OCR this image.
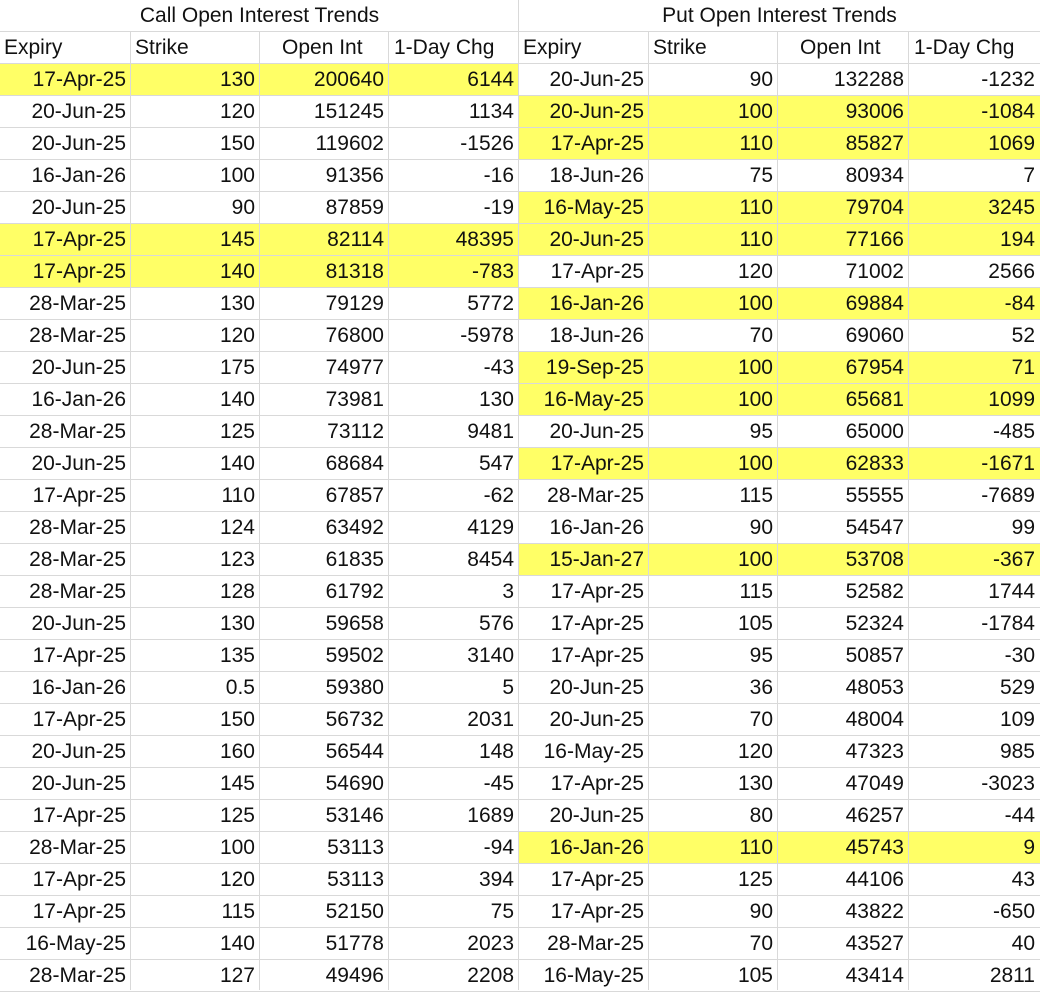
Call Open Interest Trends	Put Open Interest Trends
Expiry	Strike	Open Int	1-Day Chg	Expiry	Strike	Open Int	1-Day Chg
17-Apr-25	130	200640	6144	20-Jun-25	90	132288	-1232
20-Jun-25	120	151245	1134	20-Jun-25	100	93006	-1084
20-Jun-25	150	119602	-1526	17-Apr-25	110	85827	1069
16-Jan-26	100	91356	-16	18-Jun-26	75	80934	7
20-Jun-25	90	87859	-19	16-May-25	110	79704	3245
17-Apr-25	145	82114	48395	20-Jun-25	110	77166	194
17-Apr-25	140	81318	-783	17-Apr-25	120	71002	2566
28-Mar-25	130	79129	5772	16-Jan-26	100	69884	-84
28-Mar-25	120	76800	-5978	18-Jun-26	70	69060	52
20-Jun-25	175	74977	-43	19-Sep-25	100	67954	71
16-Jan-26	140	73981	130	16-May-25	100	65681	1099
28-Mar-25	125	73112	9481	20-Jun-25	95	65000	-485
20-Jun-25	140	68684	547	17-Apr-25	100	62833	-1671
17-Apr-25	110	67857	-62	28-Mar-25	115	55555	-7689
28-Mar-25	124	63492	4129	16-Jan-26	90	54547	99
28-Mar-25	123	61835	8454	15-Jan-27	100	53708	-367
28-Mar-25	128	61792	3	17-Apr-25	115	52582	1744
20-Jun-25	130	59658	576	17-Apr-25	105	52324	-1784
17-Apr-25	135	59502	3140	17-Apr-25	95	50857	-30
16-Jan-26	0.5	59380	5	20-Jun-25	36	48053	529
17-Apr-25	150	56732	2031	20-Jun-25	70	48004	109
20-Jun-25	160	56544	148	16-May-25	120	47323	985
20-Jun-25	145	54690	-45	17-Apr-25	130	47049	-3023
17-Apr-25	125	53146	1689	20-Jun-25	80	46257	-44
28-Mar-25	100	53113	-94	16-Jan-26	110	45743	9
17-Apr-25	120	53113	394	17-Apr-25	125	44106	43
17-Apr-25	115	52150	75	17-Apr-25	90	43822	-650
16-May-25	140	51778	2023	28-Mar-25	70	43527	40
28-Mar-25	127	49496	2208	16-May-25	105	43414	2811
